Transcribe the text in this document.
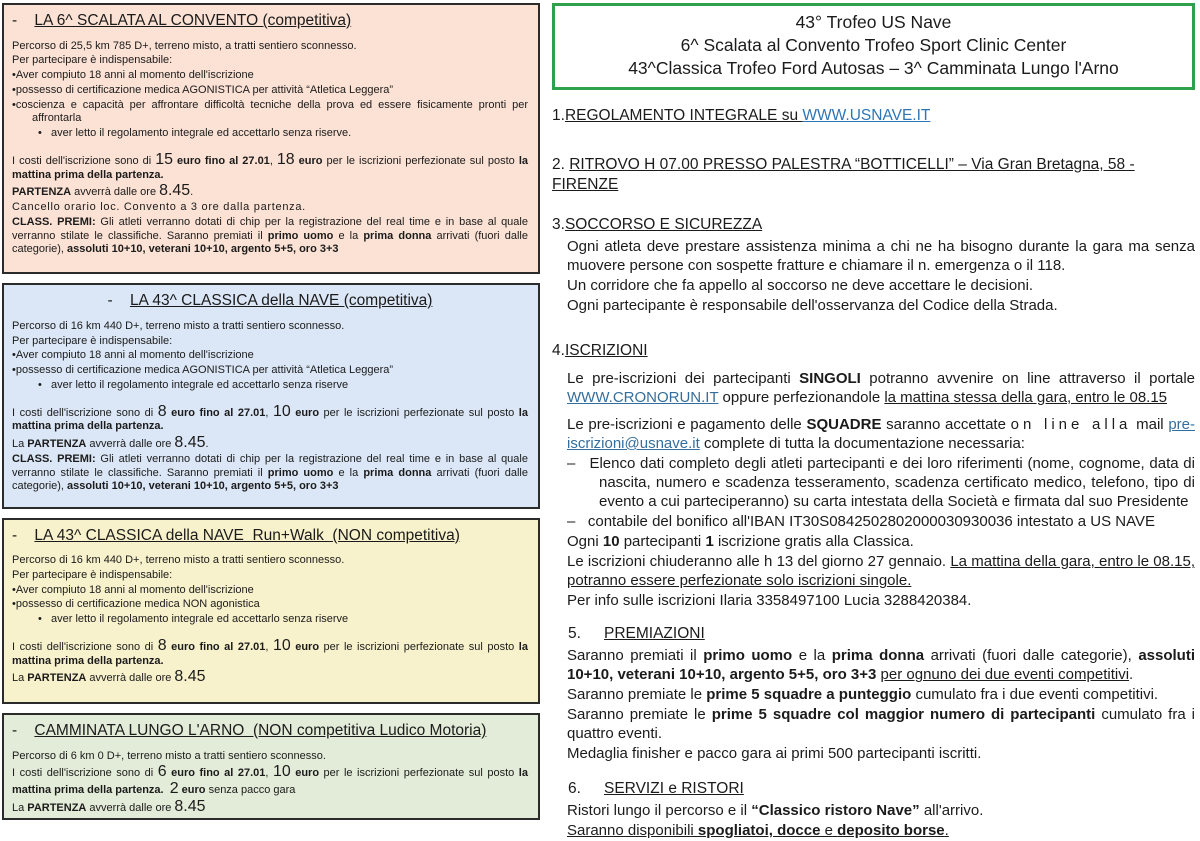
-    LA 6^ SCALATA AL CONVENTO (competitiva)
Percorso di 25,5 km 785 D+, terreno misto, a tratti sentiero sconnesso.
Per partecipare è indispensabile:
•Aver compiuto 18 anni al momento dell'iscrizione
•possesso di certificazione medica AGONISTICA per attività “Atletica Leggera”
•coscienza e capacità per affrontare difficoltà tecniche della prova ed essere fisicamente pronti per affrontarla
•   aver letto il regolamento integrale ed accettarlo senza riserve.
I costi dell'iscrizione sono di 15 euro fino al 27.01, 18 euro per le iscrizioni perfezionate sul posto la mattina prima della partenza.
PARTENZA avverrà dalle ore 8.45.
Cancello orario loc. Convento a 3 ore dalla partenza.
CLASS. PREMI: Gli atleti verranno dotati di chip per la registrazione del real time e in base al quale verranno stilate le classifiche. Saranno premiati il primo uomo e la prima donna arrivati (fuori dalle categorie), assoluti 10+10, veterani 10+10, argento 5+5, oro 3+3
-    LA 43^ CLASSICA della NAVE (competitiva)
Percorso di 16 km 440 D+, terreno misto a tratti sentiero sconnesso.
Per partecipare è indispensabile:
•Aver compiuto 18 anni al momento dell'iscrizione
•possesso di certificazione medica AGONISTICA per attività “Atletica Leggera”
•   aver letto il regolamento integrale ed accettarlo senza riserve
I costi dell'iscrizione sono di 8 euro fino al 27.01, 10 euro per le iscrizioni perfezionate sul posto la mattina prima della partenza.
La PARTENZA avverrà dalle ore 8.45.
CLASS. PREMI: Gli atleti verranno dotati di chip per la registrazione del real time e in base al quale verranno stilate le classifiche. Saranno premiati il primo uomo e la prima donna arrivati (fuori dalle categorie), assoluti 10+10, veterani 10+10, argento 5+5, oro 3+3
-    LA 43^ CLASSICA della NAVE  Run+Walk  (NON competitiva)
Percorso di 16 km 440 D+, terreno misto a tratti sentiero sconnesso.
Per partecipare è indispensabile:
•Aver compiuto 18 anni al momento dell'iscrizione
•possesso di certificazione medica NON agonistica
•   aver letto il regolamento integrale ed accettarlo senza riserve
I costi dell'iscrizione sono di 8 euro fino al 27.01, 10 euro per le iscrizioni perfezionate sul posto la mattina prima della partenza.
La PARTENZA avverrà dalle ore 8.45
-    CAMMINATA LUNGO L'ARNO  (NON competitiva Ludico Motoria)
Percorso di 6 km 0 D+, terreno misto a tratti sentiero sconnesso.
I costi dell'iscrizione sono di 6 euro fino al 27.01, 10 euro per le iscrizioni perfezionate sul posto la mattina prima della partenza. 2 euro senza pacco gara
La PARTENZA avverrà dalle ore 8.45
43° Trofeo US Nave
6^ Scalata al Convento Trofeo Sport Clinic Center
43^Classica Trofeo Ford Autosas – 3^ Camminata Lungo l'Arno
1.REGOLAMENTO INTEGRALE su WWW.USNAVE.IT
2. RITROVO H 07.00 PRESSO PALESTRA “BOTTICELLI” – Via Gran Bretagna, 58 - FIRENZE
3.SOCCORSO E SICUREZZA
Ogni atleta deve prestare assistenza minima a chi ne ha bisogno durante la gara ma senza muovere persone con sospette fratture e chiamare il n. emergenza o il 118.
Un corridore che fa appello al soccorso ne deve accettare le decisioni.
Ogni partecipante è responsabile dell'osservanza del Codice della Strada.
4.ISCRIZIONI
Le pre-iscrizioni dei partecipanti SINGOLI potranno avvenire on line attraverso il portale WWW.CRONORUN.IT oppure perfezionandole la mattina stessa della gara, entro le 08.15
Le pre-iscrizioni e pagamento delle SQUADRE saranno accettate on line alla mail pre-iscrizioni@usnave.it complete di tutta la documentazione necessaria:
–   Elenco dati completo degli atleti partecipanti e dei loro riferimenti (nome, cognome, data di nascita, numero e scadenza tesseramento, scadenza certificato medico, telefono, tipo di evento a cui parteciperanno) su carta intestata della Società e firmata dal suo Presidente
–   contabile del bonifico all'IBAN IT30S0842502802000030930036 intestato a US NAVE
Ogni 10 partecipanti 1 iscrizione gratis alla Classica.
Le iscrizioni chiuderanno alle h 13 del giorno 27 gennaio. La mattina della gara, entro le 08.15, potranno essere perfezionate solo iscrizioni singole.
Per info sulle iscrizioni Ilaria 3358497100 Lucia 3288420384.
5. PREMIAZIONI
Saranno premiati il primo uomo e la prima donna arrivati (fuori dalle categorie), assoluti 10+10, veterani 10+10, argento 5+5, oro 3+3 per ognuno dei due eventi competitivi.
Saranno premiate le prime 5 squadre a punteggio cumulato fra i due eventi competitivi.
Saranno premiate le prime 5 squadre col maggior numero di partecipanti cumulato fra i quattro eventi.
Medaglia finisher e pacco gara ai primi 500 partecipanti iscritti.
6. SERVIZI e RISTORI
Ristori lungo il percorso e il “Classico ristoro Nave” all'arrivo.
Saranno disponibili spogliatoi, docce e deposito borse.
